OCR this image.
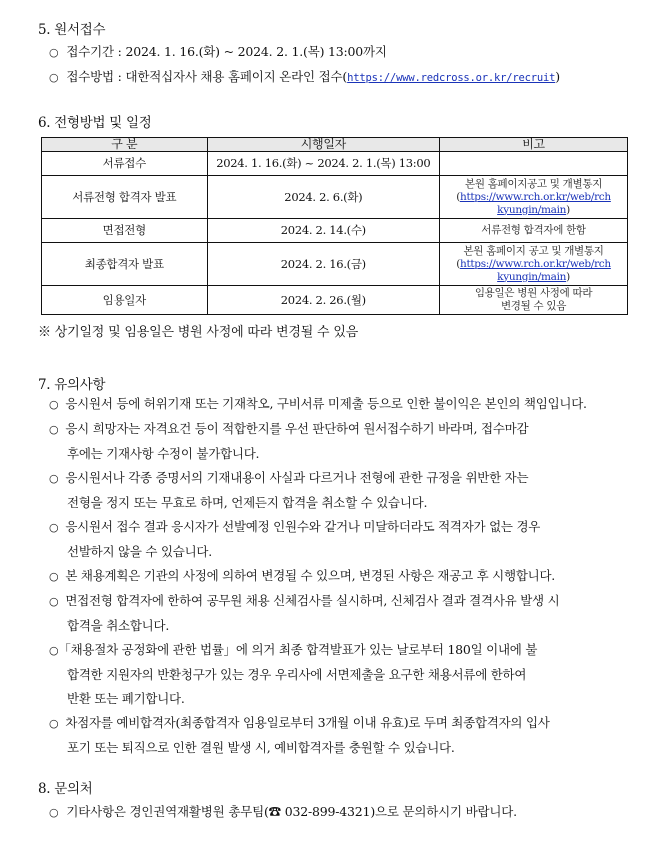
5. 원서접수
○ 접수기간 : 2024. 1. 16.(화) ~ 2024. 2. 1.(목) 13:00까지
○ 접수방법 : 대한적십자사 채용 홈페이지 온라인 접수(https://www.redcross.or.kr/recruit)
6. 전형방법 및 일정
구 분	시행일자	비고
서류접수	2024. 1. 16.(화) ~ 2024. 2. 1.(목) 13:00	
서류전형 합격자 발표	2024. 2. 6.(화)	본원 홈페이지공고 및 개별통지
(https://www.rch.or.kr/web/rch
kyungin/main)
면접전형	2024. 2. 14.(수)	서류전형 합격자에 한함
최종합격자 발표	2024. 2. 16.(금)	본원 홈페이지 공고 및 개별통지
(https://www.rch.or.kr/web/rch
kyungin/main)
임용일자	2024. 2. 26.(월)	임용일은 병원 사정에 따라
변경될 수 있음
※ 상기일정 및 임용일은 병원 사정에 따라 변경될 수 있음
7. 유의사항
○ 응시원서 등에 허위기재 또는 기재착오, 구비서류 미제출 등으로 인한 불이익은 본인의 책임입니다.
○ 응시 희망자는 자격요건 등이 적합한지를 우선 판단하여 원서접수하기 바라며, 접수마감
후에는 기재사항 수정이 불가합니다.
○ 응시원서나 각종 증명서의 기재내용이 사실과 다르거나 전형에 관한 규정을 위반한 자는
전형을 정지 또는 무효로 하며, 언제든지 합격을 취소할 수 있습니다.
○ 응시원서 접수 결과 응시자가 선발예정 인원수와 같거나 미달하더라도 적격자가 없는 경우
선발하지 않을 수 있습니다.
○ 본 채용계획은 기관의 사정에 의하여 변경될 수 있으며, 변경된 사항은 재공고 후 시행합니다.
○ 면접전형 합격자에 한하여 공무원 채용 신체검사를 실시하며, 신체검사 결과 결격사유 발생 시
합격을 취소합니다.
○「채용절차 공정화에 관한 법률」에 의거 최종 합격발표가 있는 날로부터 180일 이내에 불
합격한 지원자의 반환청구가 있는 경우 우리사에 서면제출을 요구한 채용서류에 한하여
반환 또는 폐기합니다.
○ 차점자를 예비합격자(최종합격자 임용일로부터 3개월 이내 유효)로 두며 최종합격자의 입사
포기 또는 퇴직으로 인한 결원 발생 시, 예비합격자를 충원할 수 있습니다.
8. 문의처
○ 기타사항은 경인권역재활병원 총무팀(☎ 032-899-4321)으로 문의하시기 바랍니다.
